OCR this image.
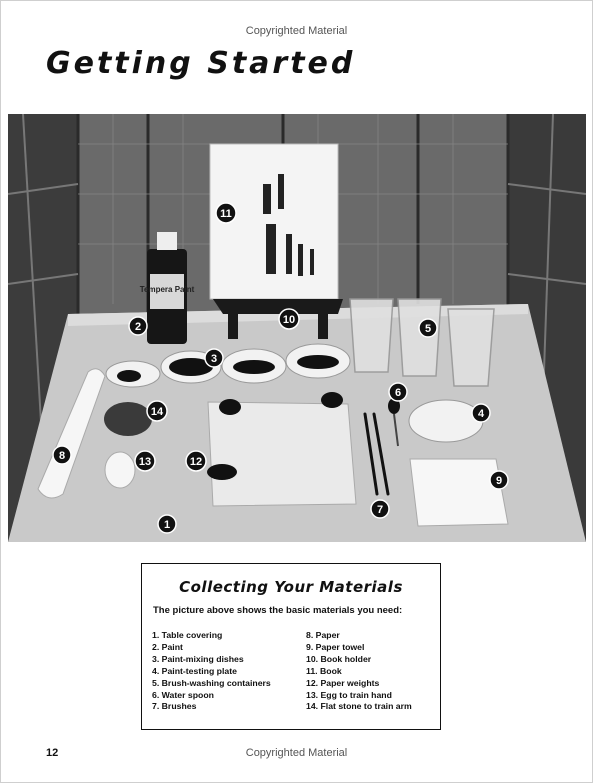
Copyrighted Material
Getting Started
Tempera Paint
1
2
3
4
5
6
7
8
9
10
11
12
13
14
Collecting Your Materials
The picture above shows the basic materials you need:
1. Table covering
2. Paint
3. Paint-mixing dishes
4. Paint-testing plate
5. Brush-washing containers
6. Water spoon
7. Brushes
8. Paper
9. Paper towel
10. Book holder
11. Book
12. Paper weights
13. Egg to train hand
14. Flat stone to train arm
12	Copyrighted Material
